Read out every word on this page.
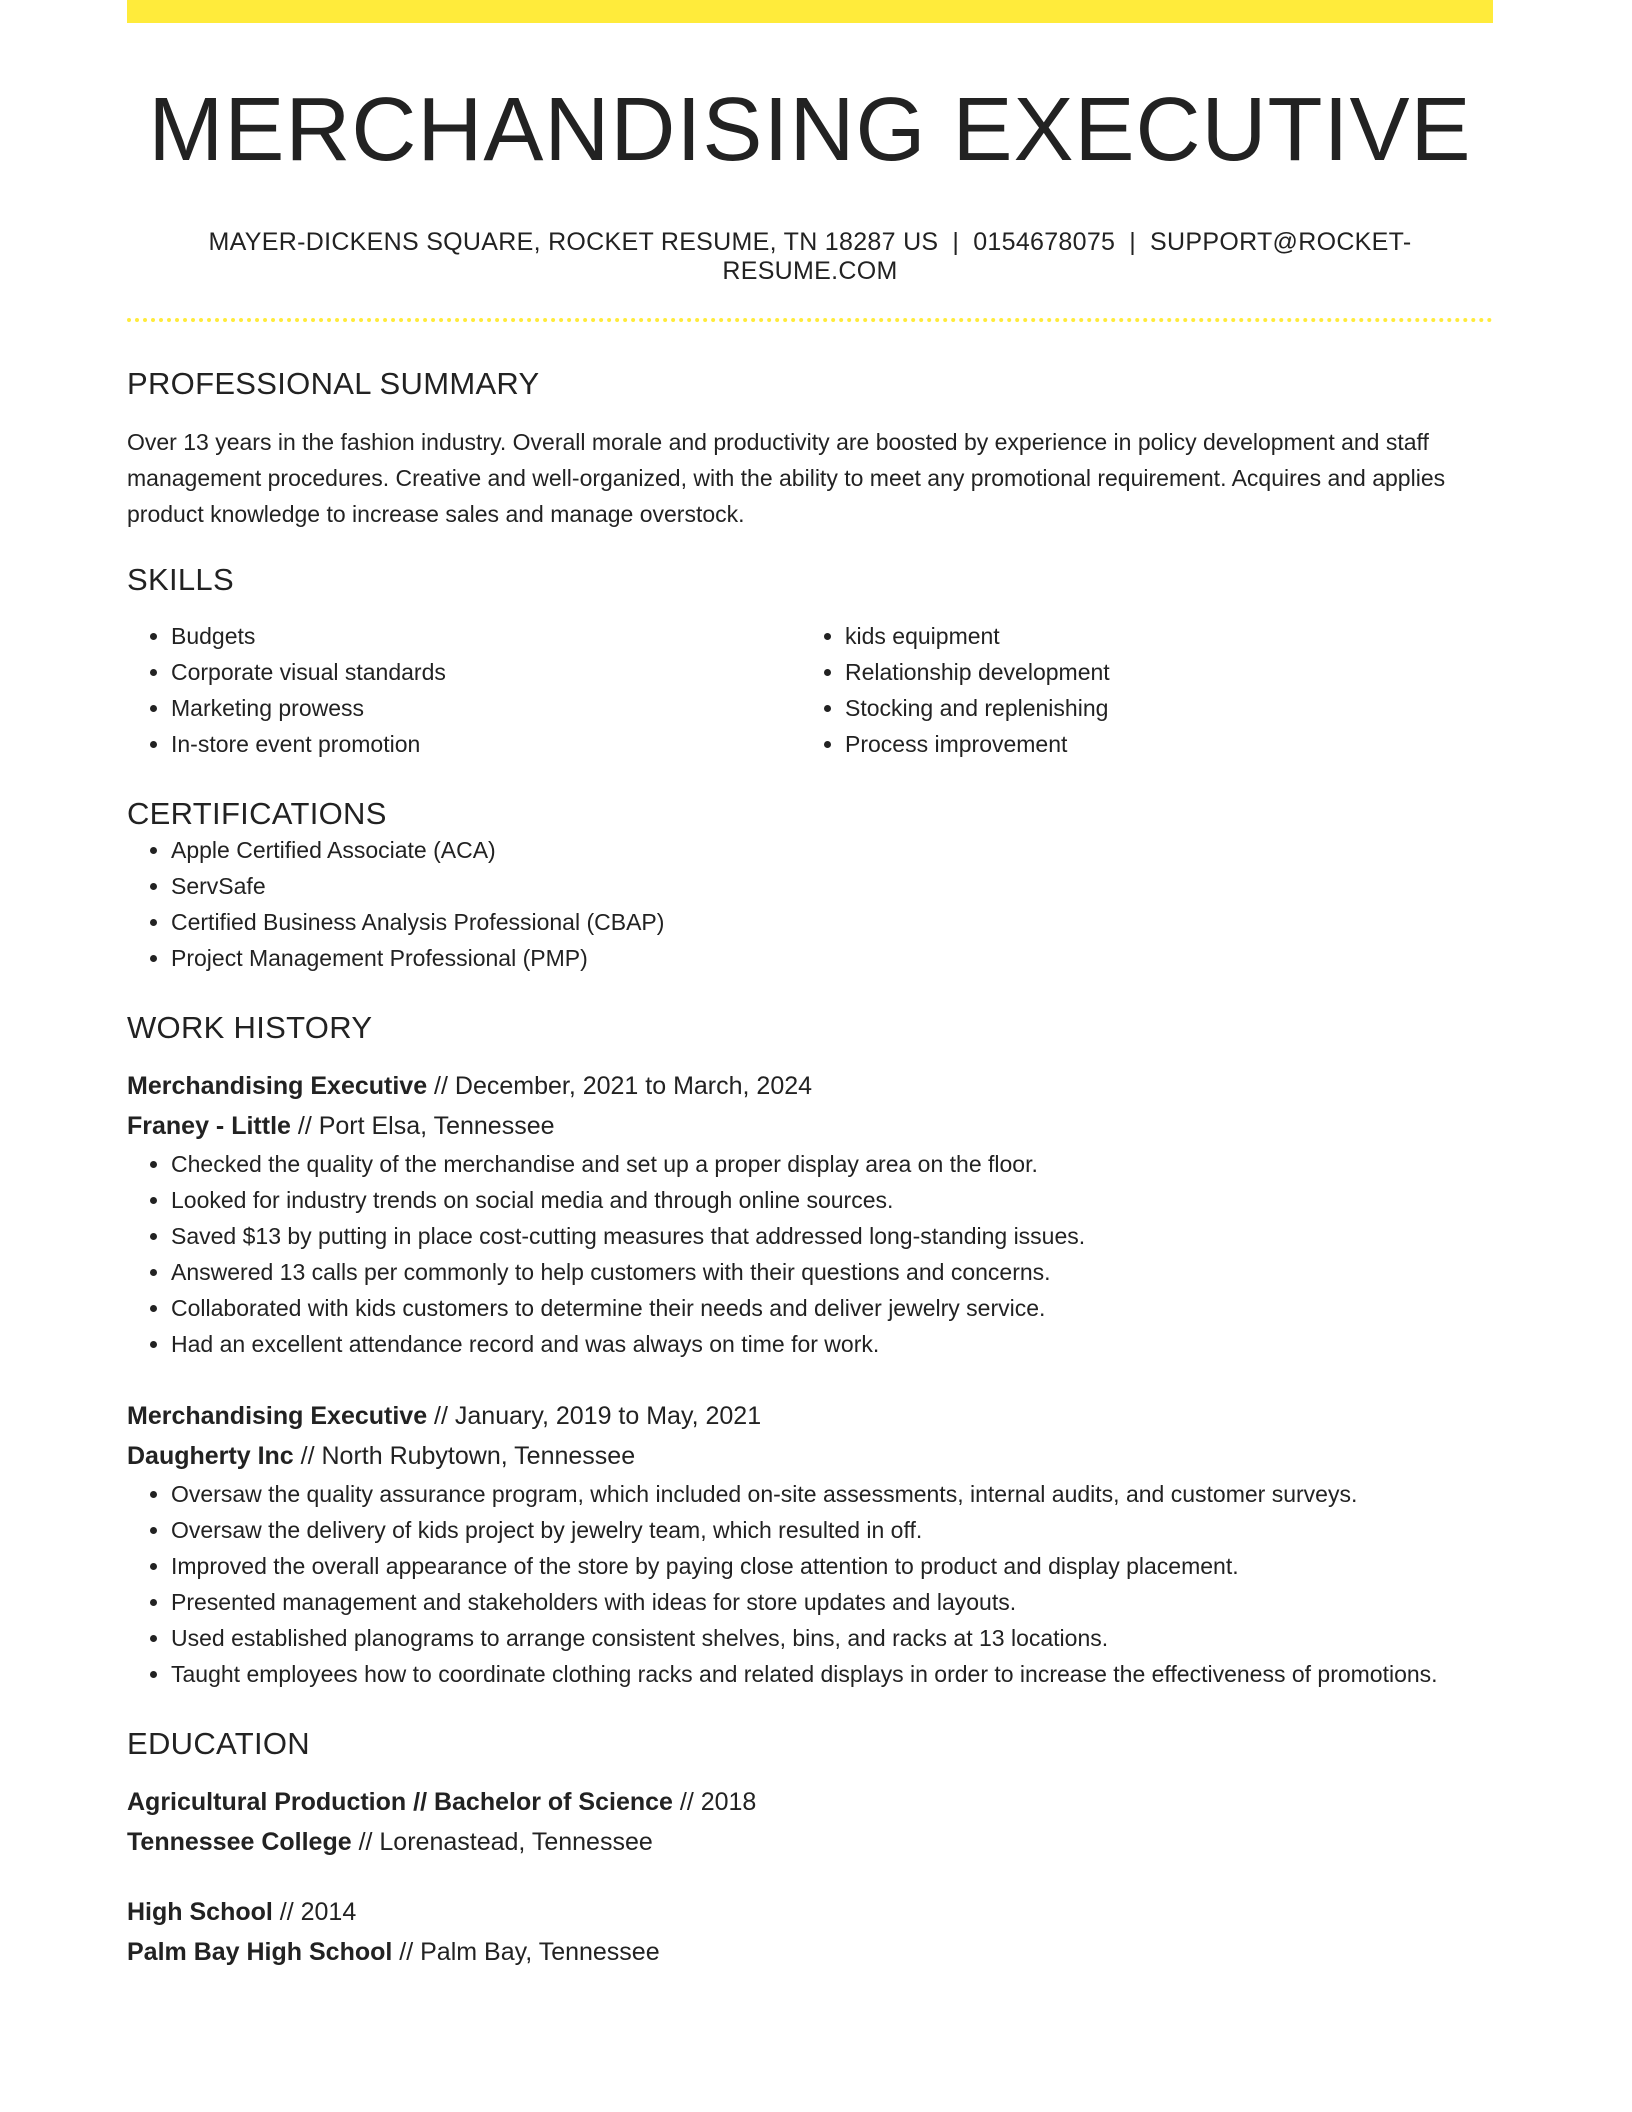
MERCHANDISING EXECUTIVE
MAYER-DICKENS SQUARE, ROCKET RESUME, TN 18287 US | 0154678075 | SUPPORT@ROCKET-RESUME.COM
PROFESSIONAL SUMMARY
Over 13 years in the fashion industry. Overall morale and productivity are boosted by experience in policy development and staff management procedures. Creative and well-organized, with the ability to meet any promotional requirement. Acquires and applies product knowledge to increase sales and manage overstock.
SKILLS
• Budgets
• Corporate visual standards
• Marketing prowess
• In-store event promotion
• kids equipment
• Relationship development
• Stocking and replenishing
• Process improvement
CERTIFICATIONS
• Apple Certified Associate (ACA)
• ServSafe
• Certified Business Analysis Professional (CBAP)
• Project Management Professional (PMP)
WORK HISTORY
Merchandising Executive // December, 2021 to March, 2024
Franey - Little // Port Elsa, Tennessee
• Checked the quality of the merchandise and set up a proper display area on the floor.
• Looked for industry trends on social media and through online sources.
• Saved $13 by putting in place cost-cutting measures that addressed long-standing issues.
• Answered 13 calls per commonly to help customers with their questions and concerns.
• Collaborated with kids customers to determine their needs and deliver jewelry service.
• Had an excellent attendance record and was always on time for work.
Merchandising Executive // January, 2019 to May, 2021
Daugherty Inc // North Rubytown, Tennessee
• Oversaw the quality assurance program, which included on-site assessments, internal audits, and customer surveys.
• Oversaw the delivery of kids project by jewelry team, which resulted in off.
• Improved the overall appearance of the store by paying close attention to product and display placement.
• Presented management and stakeholders with ideas for store updates and layouts.
• Used established planograms to arrange consistent shelves, bins, and racks at 13 locations.
• Taught employees how to coordinate clothing racks and related displays in order to increase the effectiveness of promotions.
EDUCATION
Agricultural Production // Bachelor of Science // 2018
Tennessee College // Lorenastead, Tennessee
High School // 2014
Palm Bay High School // Palm Bay, Tennessee
